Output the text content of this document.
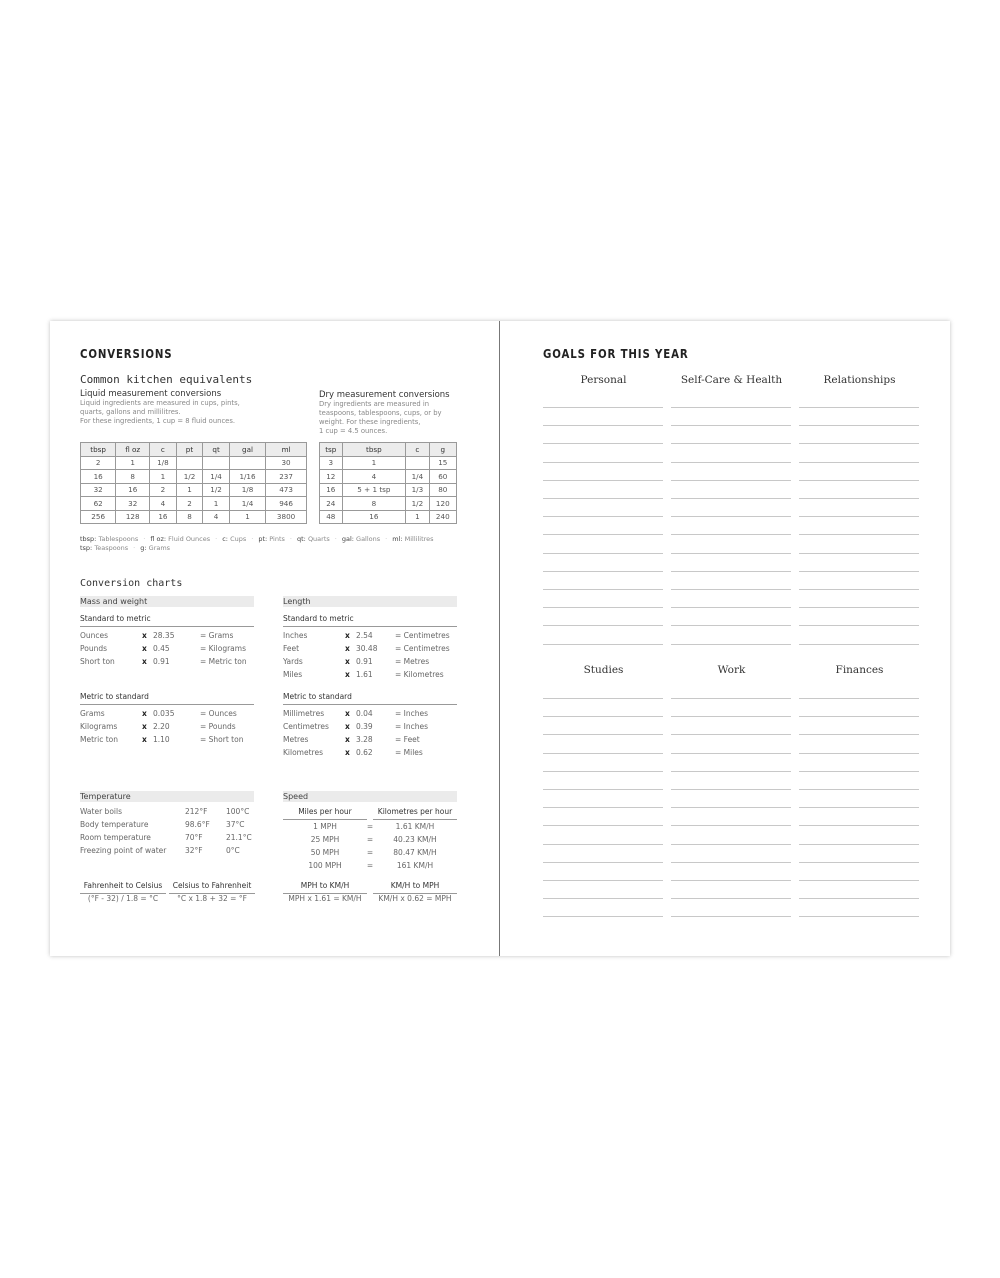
CONVERSIONS
Common kitchen equivalents
Liquid measurement conversions
Liquid ingredients are measured in cups, pints,
quarts, gallons and millilitres.
For these ingredients, 1 cup = 8 fluid ounces.
Dry measurement conversions
Dry ingredients are measured in
teaspoons, tablespoons, cups, or by
weight. For these ingredients,
1 cup = 4.5 ounces.
tbsp	fl oz	c	pt	qt	gal	ml
2	1	1/8				30
16	8	1	1/2	1/4	1/16	237
32	16	2	1	1/2	1/8	473
62	32	4	2	1	1/4	946
256	128	16	8	4	1	3800
tsp	tbsp	c	g
3	1		15
12	4	1/4	60
16	5 + 1 tsp	1/3	80
24	8	1/2	120
48	16	1	240
tbsp: Tablespoons · fl oz: Fluid Ounces · c: Cups · pt: Pints · qt: Quarts · gal: Gallons · ml: Millilitres
tsp: Teaspoons · g: Grams
Conversion charts
GOALS FOR THIS YEAR
Mass and weight	Length
Standard to metric	Standard to metric
Ounces	x 28.35	= Grams
Pounds	x 0.45	= Kilograms
Short ton	x 0.91	= Metric ton
Inches	x 2.54	= Centimetres
Feet	x 30.48 = Centimetres
Yards	x 0.91	= Metres
Miles	x 1.61	= Kilometres
Metric to standard	Metric to standard
Grams	x 0.035	= Ounces
Kilograms	x 2.20	= Pounds
Metric ton	x 1.10	= Short ton
Millimetres	x 0.04	= Inches
Centimetres x 0.39	= Inches
Metres	x 3.28	= Feet
Kilometres	x 0.62	= Miles
Temperature	Speed
Water boils	212°F 100°C
Body temperature	98.6°F 37°C
Room temperature	70°F	21.1°C
Freezing point of water 32°F	0°C
Fahrenheit to Celsius	Celsius to Fahrenheit
(°F - 32) / 1.8 = °C	°C x 1.8 + 32 = °F
Miles per hour	Kilometres per hour
1 MPH	=	1.61 KM/H
25 MPH	=	40.23 KM/H
50 MPH	=	80.47 KM/H
100 MPH	=	161 KM/H
MPH to KM/H	KM/H to MPH
MPH x 1.61 = KM/H	KM/H x 0.62 = MPH
Personal	Self-Care & Health	Relationships
Studies	Work	Finances
